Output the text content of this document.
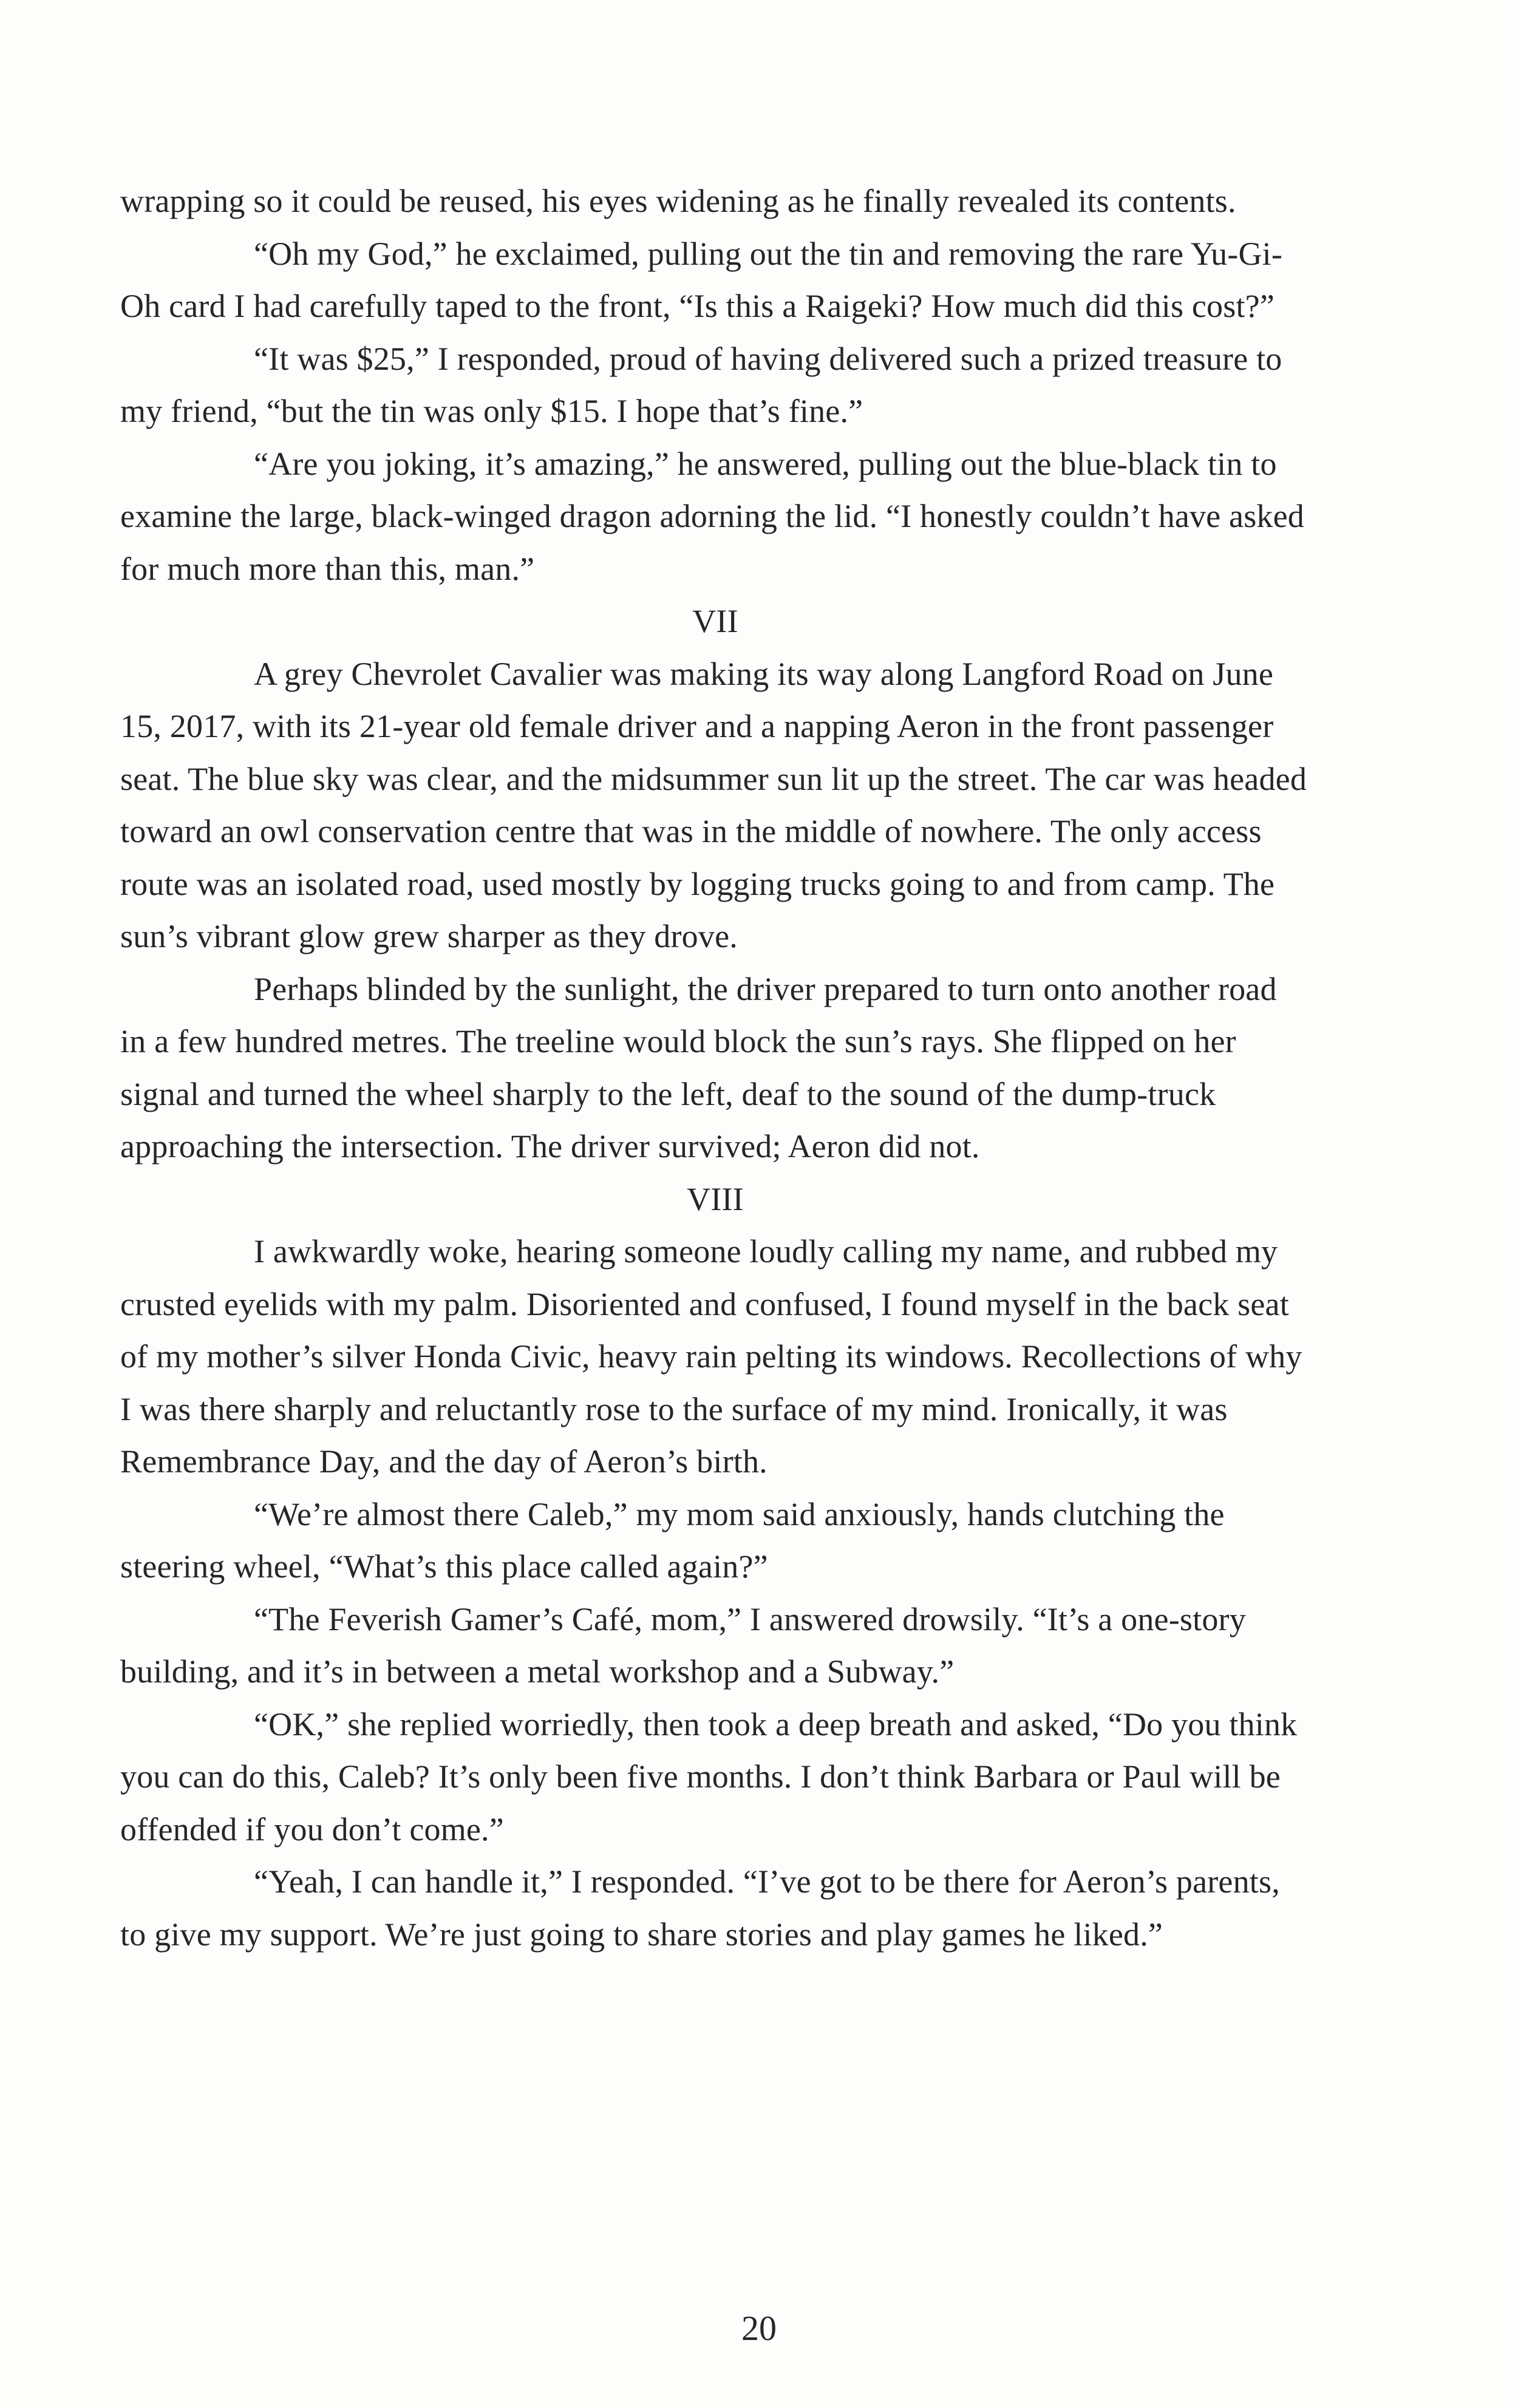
wrapping so it could be reused, his eyes widening as he finally revealed its contents.

“Oh my God,” he exclaimed, pulling out the tin and removing the rare Yu-Gi-Oh card I had carefully taped to the front, “Is this a Raigeki? How much did this cost?”

“It was $25,” I responded, proud of having delivered such a prized treasure to my friend, “but the tin was only $15. I hope that’s fine.”

“Are you joking, it’s amazing,” he answered, pulling out the blue-black tin to examine the large, black-winged dragon adorning the lid. “I honestly couldn’t have asked for much more than this, man.”

VII

A grey Chevrolet Cavalier was making its way along Langford Road on June 15, 2017, with its 21-year old female driver and a napping Aeron in the front passenger seat. The blue sky was clear, and the midsummer sun lit up the street. The car was headed toward an owl conservation centre that was in the middle of nowhere. The only access route was an isolated road, used mostly by logging trucks going to and from camp. The sun’s vibrant glow grew sharper as they drove.

Perhaps blinded by the sunlight, the driver prepared to turn onto another road in a few hundred metres. The treeline would block the sun’s rays. She flipped on her signal and turned the wheel sharply to the left, deaf to the sound of the dump-truck approaching the intersection. The driver survived; Aeron did not.

VIII

I awkwardly woke, hearing someone loudly calling my name, and rubbed my crusted eyelids with my palm. Disoriented and confused, I found myself in the back seat of my mother’s silver Honda Civic, heavy rain pelting its windows. Recollections of why I was there sharply and reluctantly rose to the surface of my mind. Ironically, it was Remembrance Day, and the day of Aeron’s birth.

“We’re almost there Caleb,” my mom said anxiously, hands clutching the steering wheel, “What’s this place called again?”

“The Feverish Gamer’s Café, mom,” I answered drowsily. “It’s a one-story building, and it’s in between a metal workshop and a Subway.”

“OK,” she replied worriedly, then took a deep breath and asked, “Do you think you can do this, Caleb? It’s only been five months. I don’t think Barbara or Paul will be offended if you don’t come.”

“Yeah, I can handle it,” I responded. “I’ve got to be there for Aeron’s parents, to give my support. We’re just going to share stories and play games he liked.”

20
